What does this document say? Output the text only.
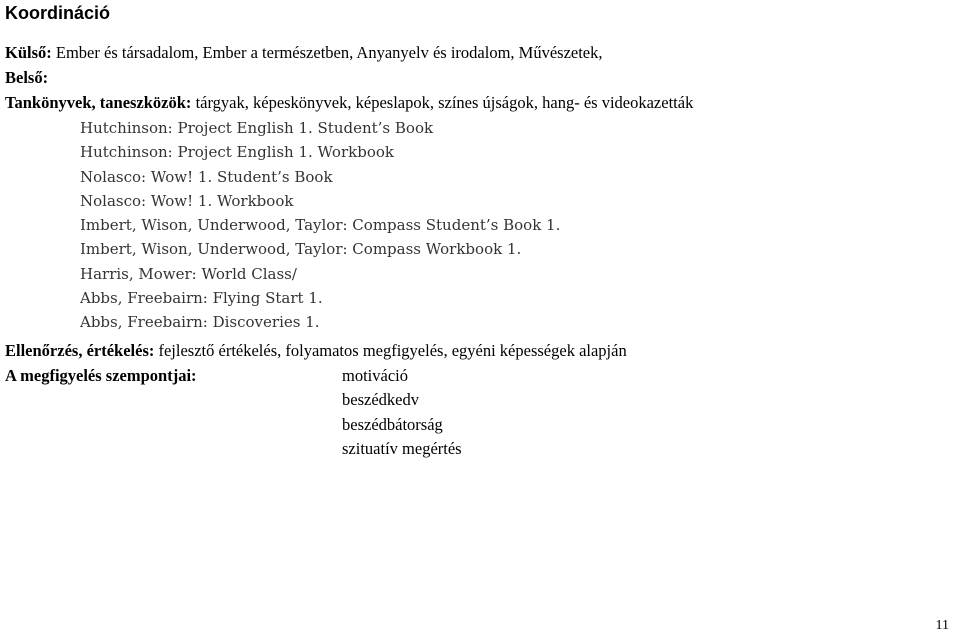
Koordináció
Külső: Ember és társadalom, Ember a természetben, Anyanyelv és irodalom, Művészetek,
Belső:
Tankönyvek, taneszközök: tárgyak, képeskönyvek, képeslapok, színes újságok, hang- és videokazetták
Hutchinson: Project English 1. Student’s Book
Hutchinson: Project English 1. Workbook
Nolasco: Wow! 1. Student’s Book
Nolasco: Wow! 1. Workbook
Imbert, Wison, Underwood, Taylor: Compass Student’s Book 1.
Imbert, Wison, Underwood, Taylor: Compass Workbook 1.
Harris, Mower: World Class/
Abbs, Freebairn: Flying Start 1.
Abbs, Freebairn: Discoveries 1.
Ellenőrzés, értékelés: fejlesztő értékelés, folyamatos megfigyelés, egyéni képességek alapján
A megfigyelés szempontjai:	motiváció
beszédkedv
beszédbátorság
szituatív megértés
11
